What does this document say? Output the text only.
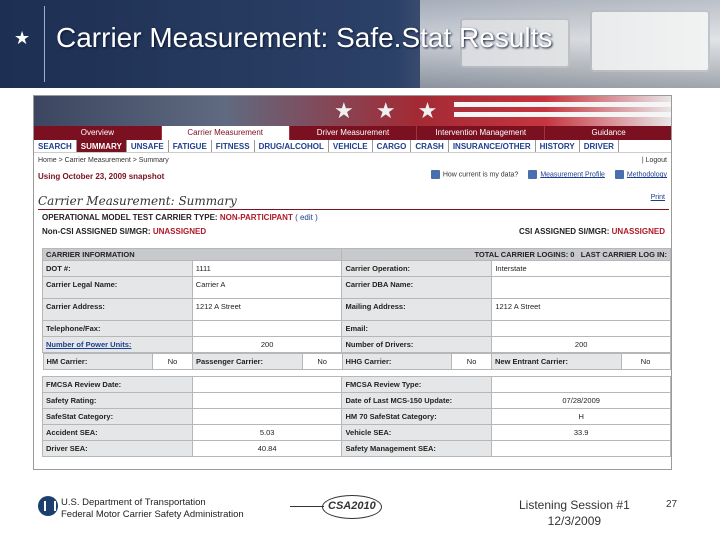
★ Carrier Measurement: Safe.Stat Results
★ ★ ★
Overview	Carrier Measurement	Driver Measurement	Intervention Management	Guidance
SEARCH	SUMMARY	UNSAFE	FATIGUE	FITNESS	DRUG/ALCOHOL	VEHICLE	CARGO	CRASH	INSURANCE/OTHER	HISTORY	DRIVER
Home > Carrier Measurement > Summary	| Logout
Using October 23, 2009 snapshot	How current is my data?	Measurement Profile	Methodology
Carrier Measurement: Summary	Print
OPERATIONAL MODEL TEST CARRIER TYPE: NON-PARTICIPANT ( edit )
Non-CSI ASSIGNED SI/MGR: UNASSIGNED	CSI ASSIGNED SI/MGR: UNASSIGNED
CARRIER INFORMATION	TOTAL CARRIER LOGINS: 0 LAST CARRIER LOG IN:

DOT #:	1111	Carrier Operation:	Interstate
Carrier Legal Name:	Carrier A	Carrier DBA Name:	
Carrier Address:	1212 A Street	Mailing Address:	1212 A Street
Telephone/Fax:		Email:	
Number of Power Units:	200	Number of Drivers:	200

HM Carrier:	No	Passenger Carrier:	No	HHG Carrier:	No	New Entrant Carrier:	No

FMCSA Review Date:		FMCSA Review Type:	
Safety Rating:		Date of Last MCS-150 Update:	07/28/2009
SafeStat Category:		HM 70 SafeStat Category:	H
Accident SEA:	5.03	Vehicle SEA:	33.9
Driver SEA:	40.84	Safety Management SEA:	
U.S. Department of Transportation
Federal Motor Carrier Safety Administration
CSA2010	Listening Session #1
12/3/2009
27
